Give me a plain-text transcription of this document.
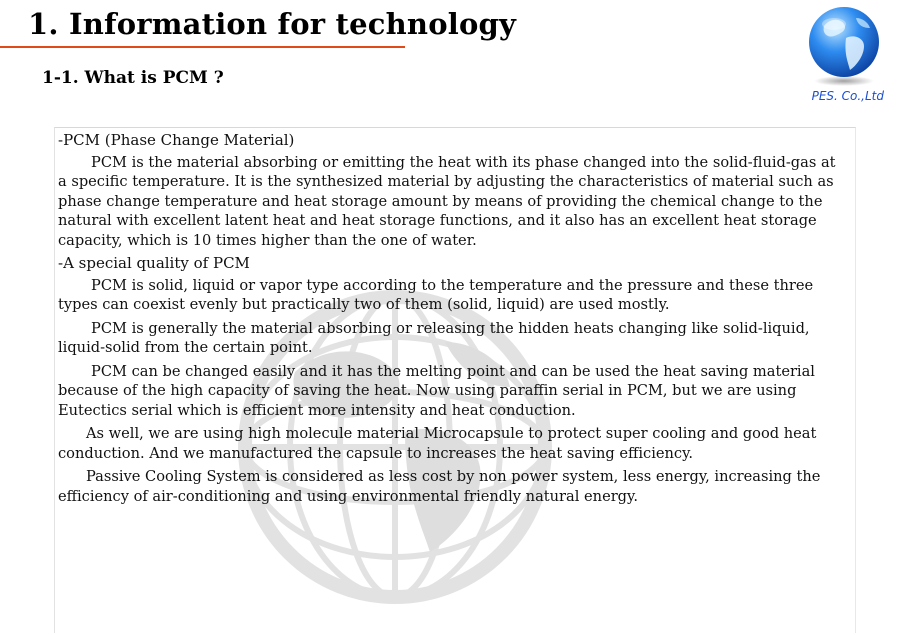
1. Information for technology
1-1. What is PCM ?
PES. Co.,Ltd

-PCM (Phase Change Material)

PCM is the material absorbing or emitting the heat with its phase changed into the solid-fluid-gas at a specific temperature. It is the synthesized material by adjusting the characteristics of material such as phase change temperature and heat storage amount by means of providing the chemical change to the natural with excellent latent heat and heat storage functions, and it also has an excellent heat storage capacity, which is 10 times higher than the one of water.

-A special quality of PCM

PCM is solid, liquid or vapor type according to the temperature and the pressure and these three types can coexist evenly but practically two of them (solid, liquid) are used mostly.

PCM is generally the material absorbing or releasing the hidden heats changing like solid-liquid, liquid-solid from the certain point.

PCM can be changed easily and it has the melting point and can be used the heat saving material because of the high capacity of saving the heat. Now using paraffin serial in PCM, but we are using Eutectics serial which is efficient more intensity and heat conduction.

As well, we are using high molecule material Microcapsule to protect super cooling and good heat conduction. And we manufactured the capsule to increases the heat saving efficiency.

Passive Cooling System is considered as less cost by non power system, less energy, increasing the efficiency of air-conditioning and using environmental friendly natural energy.
